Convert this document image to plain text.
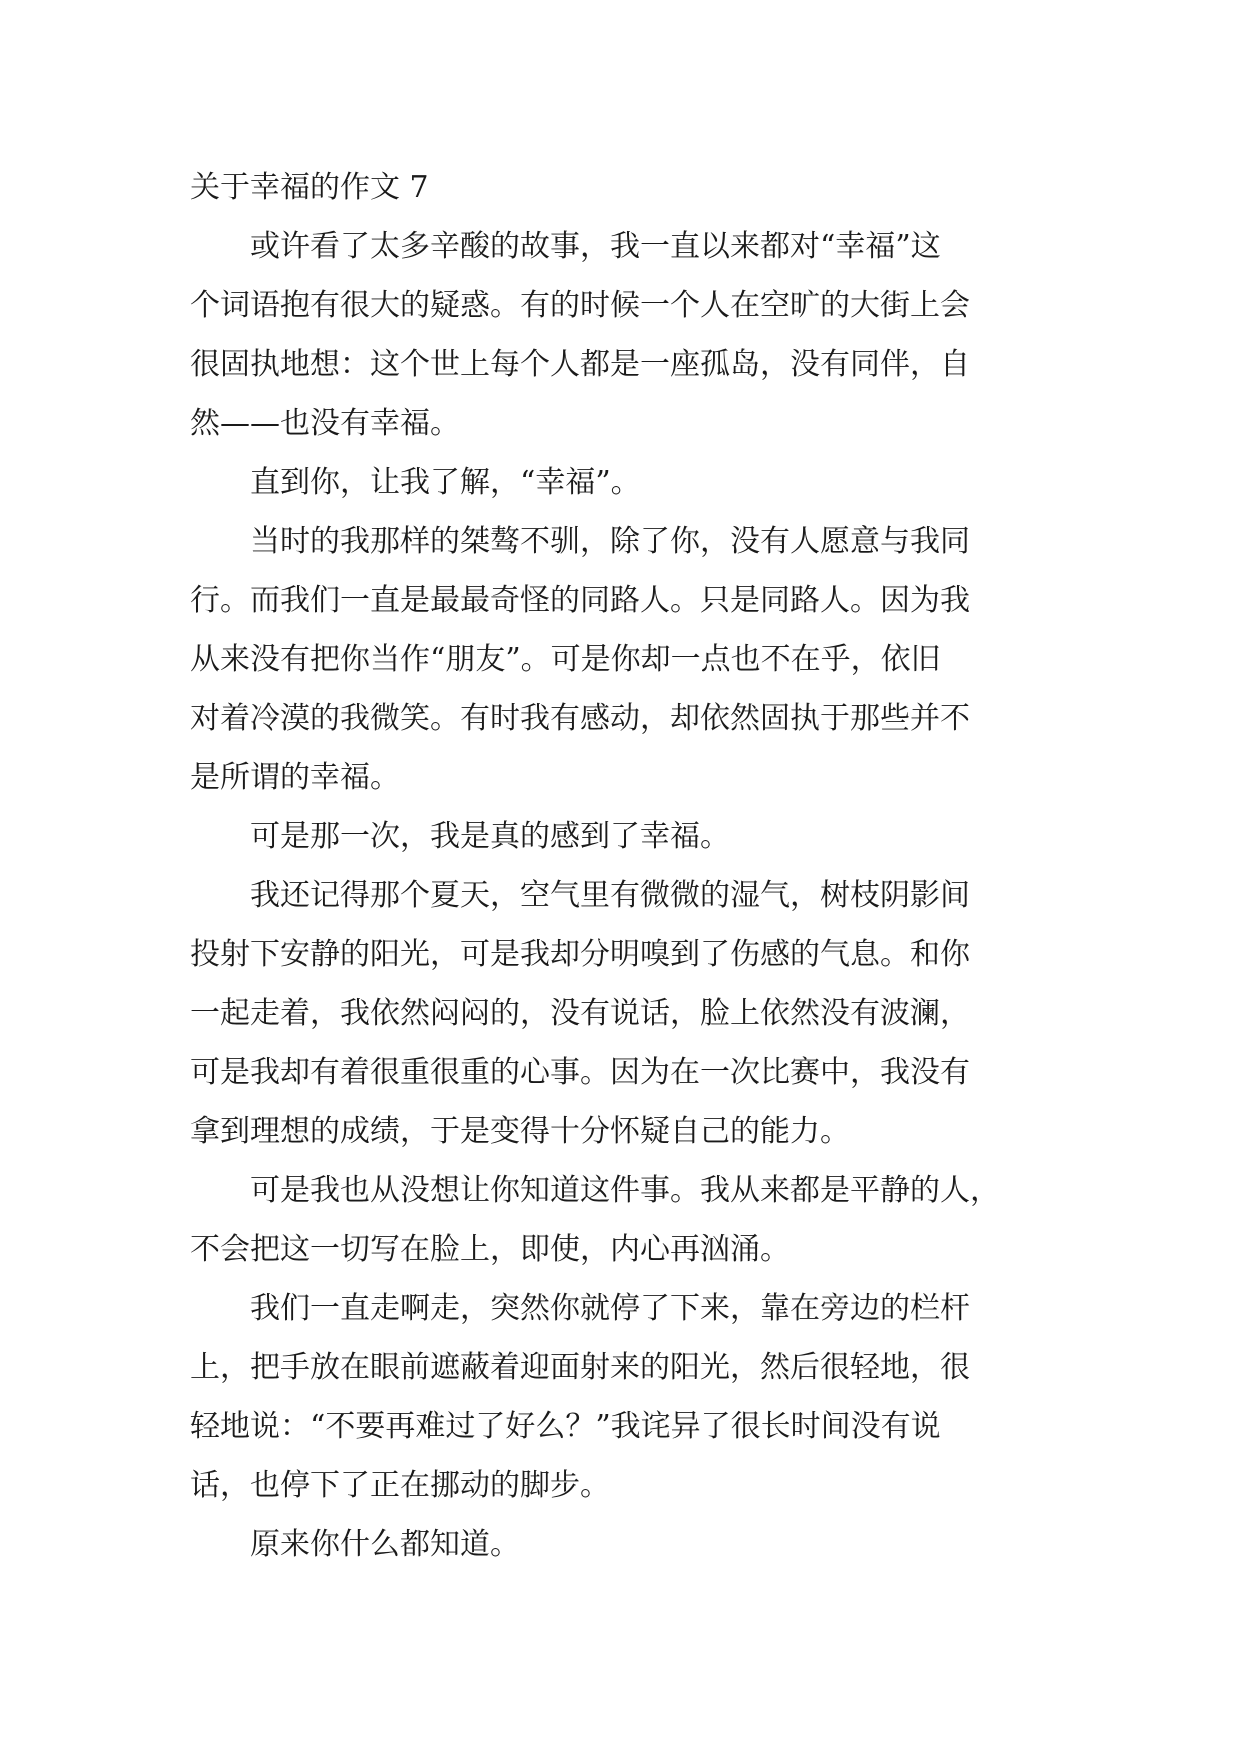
关于幸福的作文 7

　　或许看了太多辛酸的故事，我一直以来都对“幸福”这

个词语抱有很大的疑惑。有的时候一个人在空旷的大街上会

很固执地想：这个世上每个人都是一座孤岛，没有同伴，自

然——也没有幸福。

　　直到你，让我了解，“幸福”。

　　当时的我那样的桀骜不驯，除了你，没有人愿意与我同

行。而我们一直是最最奇怪的同路人。只是同路人。因为我

从来没有把你当作“朋友”。可是你却一点也不在乎，依旧

对着冷漠的我微笑。有时我有感动，却依然固执于那些并不

是所谓的幸福。

　　可是那一次，我是真的感到了幸福。

　　我还记得那个夏天，空气里有微微的湿气，树枝阴影间

投射下安静的阳光，可是我却分明嗅到了伤感的气息。和你

一起走着，我依然闷闷的，没有说话，脸上依然没有波澜，

可是我却有着很重很重的心事。因为在一次比赛中，我没有

拿到理想的成绩，于是变得十分怀疑自己的能力。

　　可是我也从没想让你知道这件事。我从来都是平静的人，

不会把这一切写在脸上，即使，内心再汹涌。

　　我们一直走啊走，突然你就停了下来，靠在旁边的栏杆

上，把手放在眼前遮蔽着迎面射来的阳光，然后很轻地，很

轻地说：“不要再难过了好么？”我诧异了很长时间没有说

话，也停下了正在挪动的脚步。

　　原来你什么都知道。
